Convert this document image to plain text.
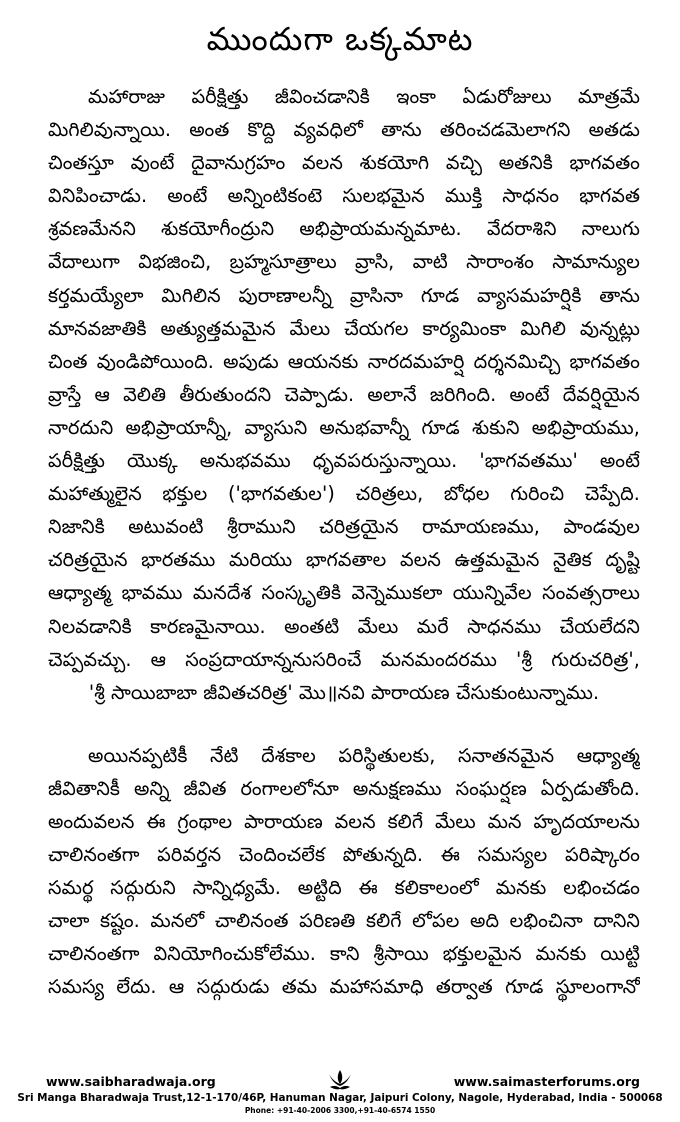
ముందుగా ఒక్కమాట
మహారాజు పరీక్షిత్తు జీవించడానికి ఇంకా ఏడురోజులు మాత్రమే
మిగిలివున్నాయి. అంత కొద్ది వ్యవధిలో తాను తరించడమెలాగని అతడు
చింతస్తూ వుంటే దైవానుగ్రహం వలన శుకయోగి వచ్చి అతనికి భాగవతం
వినిపించాడు. అంటే అన్నింటికంటె సులభమైన ముక్తి సాధనం భాగవత
శ్రవణమేనని శుకయోగీంద్రుని అభిప్రాయమన్నమాట. వేదరాశిని నాలుగు
వేదాలుగా విభజించి, బ్రహ్మసూత్రాలు వ్రాసి, వాటి సారాంశం సామాన్యుల
కర్తమయ్యేలా మిగిలిన పురాణాలన్నీ వ్రాసినా గూడ వ్యాసమహర్షికి తాను
మానవజాతికి అత్యుత్తమమైన మేలు చేయగల కార్యమింకా మిగిలి వున్నట్లు
చింత వుండిపోయింది. అపుడు ఆయనకు నారదమహర్షి దర్శనమిచ్చి భాగవతం
వ్రాస్తే ఆ వెలితి తీరుతుందని చెప్పాడు. అలానే జరిగింది. అంటే దేవర్షియైన
నారదుని అభిప్రాయాన్నీ, వ్యాసుని అనుభవాన్నీ గూడ శుకుని అభిప్రాయము,
పరీక్షిత్తు యొక్క అనుభవము ధృవపరుస్తున్నాయి. 'భాగవతము' అంటే
మహాత్ములైన భక్తుల ('భాగవతుల') చరిత్రలు, బోధల గురించి చెప్పేది.
నిజానికి అటువంటి శ్రీరాముని చరిత్రయైన రామాయణము, పాండవుల
చరిత్రయైన భారతము మరియు భాగవతాల వలన ఉత్తమమైన నైతిక దృష్టి
ఆధ్యాత్మ భావము మనదేశ సంస్కృతికి వెన్నెముకలా యున్నివేల సంవత్సరాలు
నిలవడానికి కారణమైనాయి. అంతటి మేలు మరే సాధనము చేయలేదని
చెప్పవచ్చు. ఆ సంప్రదాయాన్ననుసరించే మనమందరము 'శ్రీ గురుచరిత్ర',
'శ్రీ సాయిబాబా జీవితచరిత్ర' మొ॥నవి పారాయణ చేసుకుంటున్నాము.
అయినప్పటికీ నేటి దేశకాల పరిస్థితులకు, సనాతనమైన ఆధ్యాత్మ
జీవితానికీ అన్ని జీవిత రంగాలలోనూ అనుక్షణము సంఘర్షణ ఏర్పడుతోంది.
అందువలన ఈ గ్రంథాల పారాయణ వలన కలిగే మేలు మన హృదయాలను
చాలినంతగా పరివర్తన చెందించలేక పోతున్నది. ఈ సమస్యల పరిష్కారం
సమర్థ సద్గురుని సాన్నిధ్యమే. అట్టిది ఈ కలికాలంలో మనకు లభించడం
చాలా కష్టం. మనలో చాలినంత పరిణతి కలిగే లోపల అది లభించినా దానిని
చాలినంతగా వినియోగించుకోలేము. కాని శ్రీసాయి భక్తులమైన మనకు యిట్టి
సమస్య లేదు. ఆ సద్గురుడు తమ మహాసమాధి తర్వాత గూడ స్థూలంగానో
www.saibharadwaja.org	www.saimasterforums.org
Sri Manga Bharadwaja Trust,12-1-170/46P, Hanuman Nagar, Jaipuri Colony, Nagole, Hyderabad, India - 500068
Phone: +91-40-2006 3300,+91-40-6574 1550
